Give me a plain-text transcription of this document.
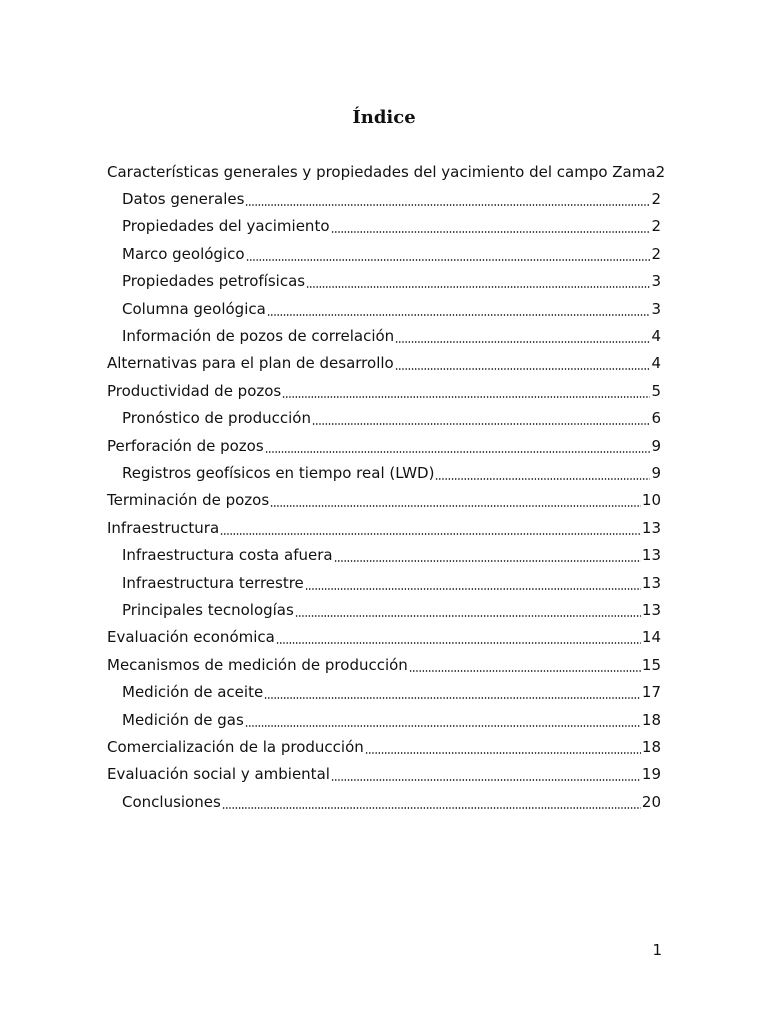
Índice
Características generales y propiedades del yacimiento del campo Zama 2
Datos generales	2
Propiedades del yacimiento	2
Marco geológico	2
Propiedades petrofísicas	3
Columna geológica	3
Información de pozos de correlación	4
Alternativas para el plan de desarrollo	4
Productividad de pozos	5
Pronóstico de producción	6
Perforación de pozos	9
Registros geofísicos en tiempo real (LWD)	9
Terminación de pozos	10
Infraestructura	13
Infraestructura costa afuera	13
Infraestructura terrestre	13
Principales tecnologías	13
Evaluación económica	14
Mecanismos de medición de producción	15
Medición de aceite	17
Medición de gas	18
Comercialización de la producción	18
Evaluación social y ambiental	19
Conclusiones	20
1
